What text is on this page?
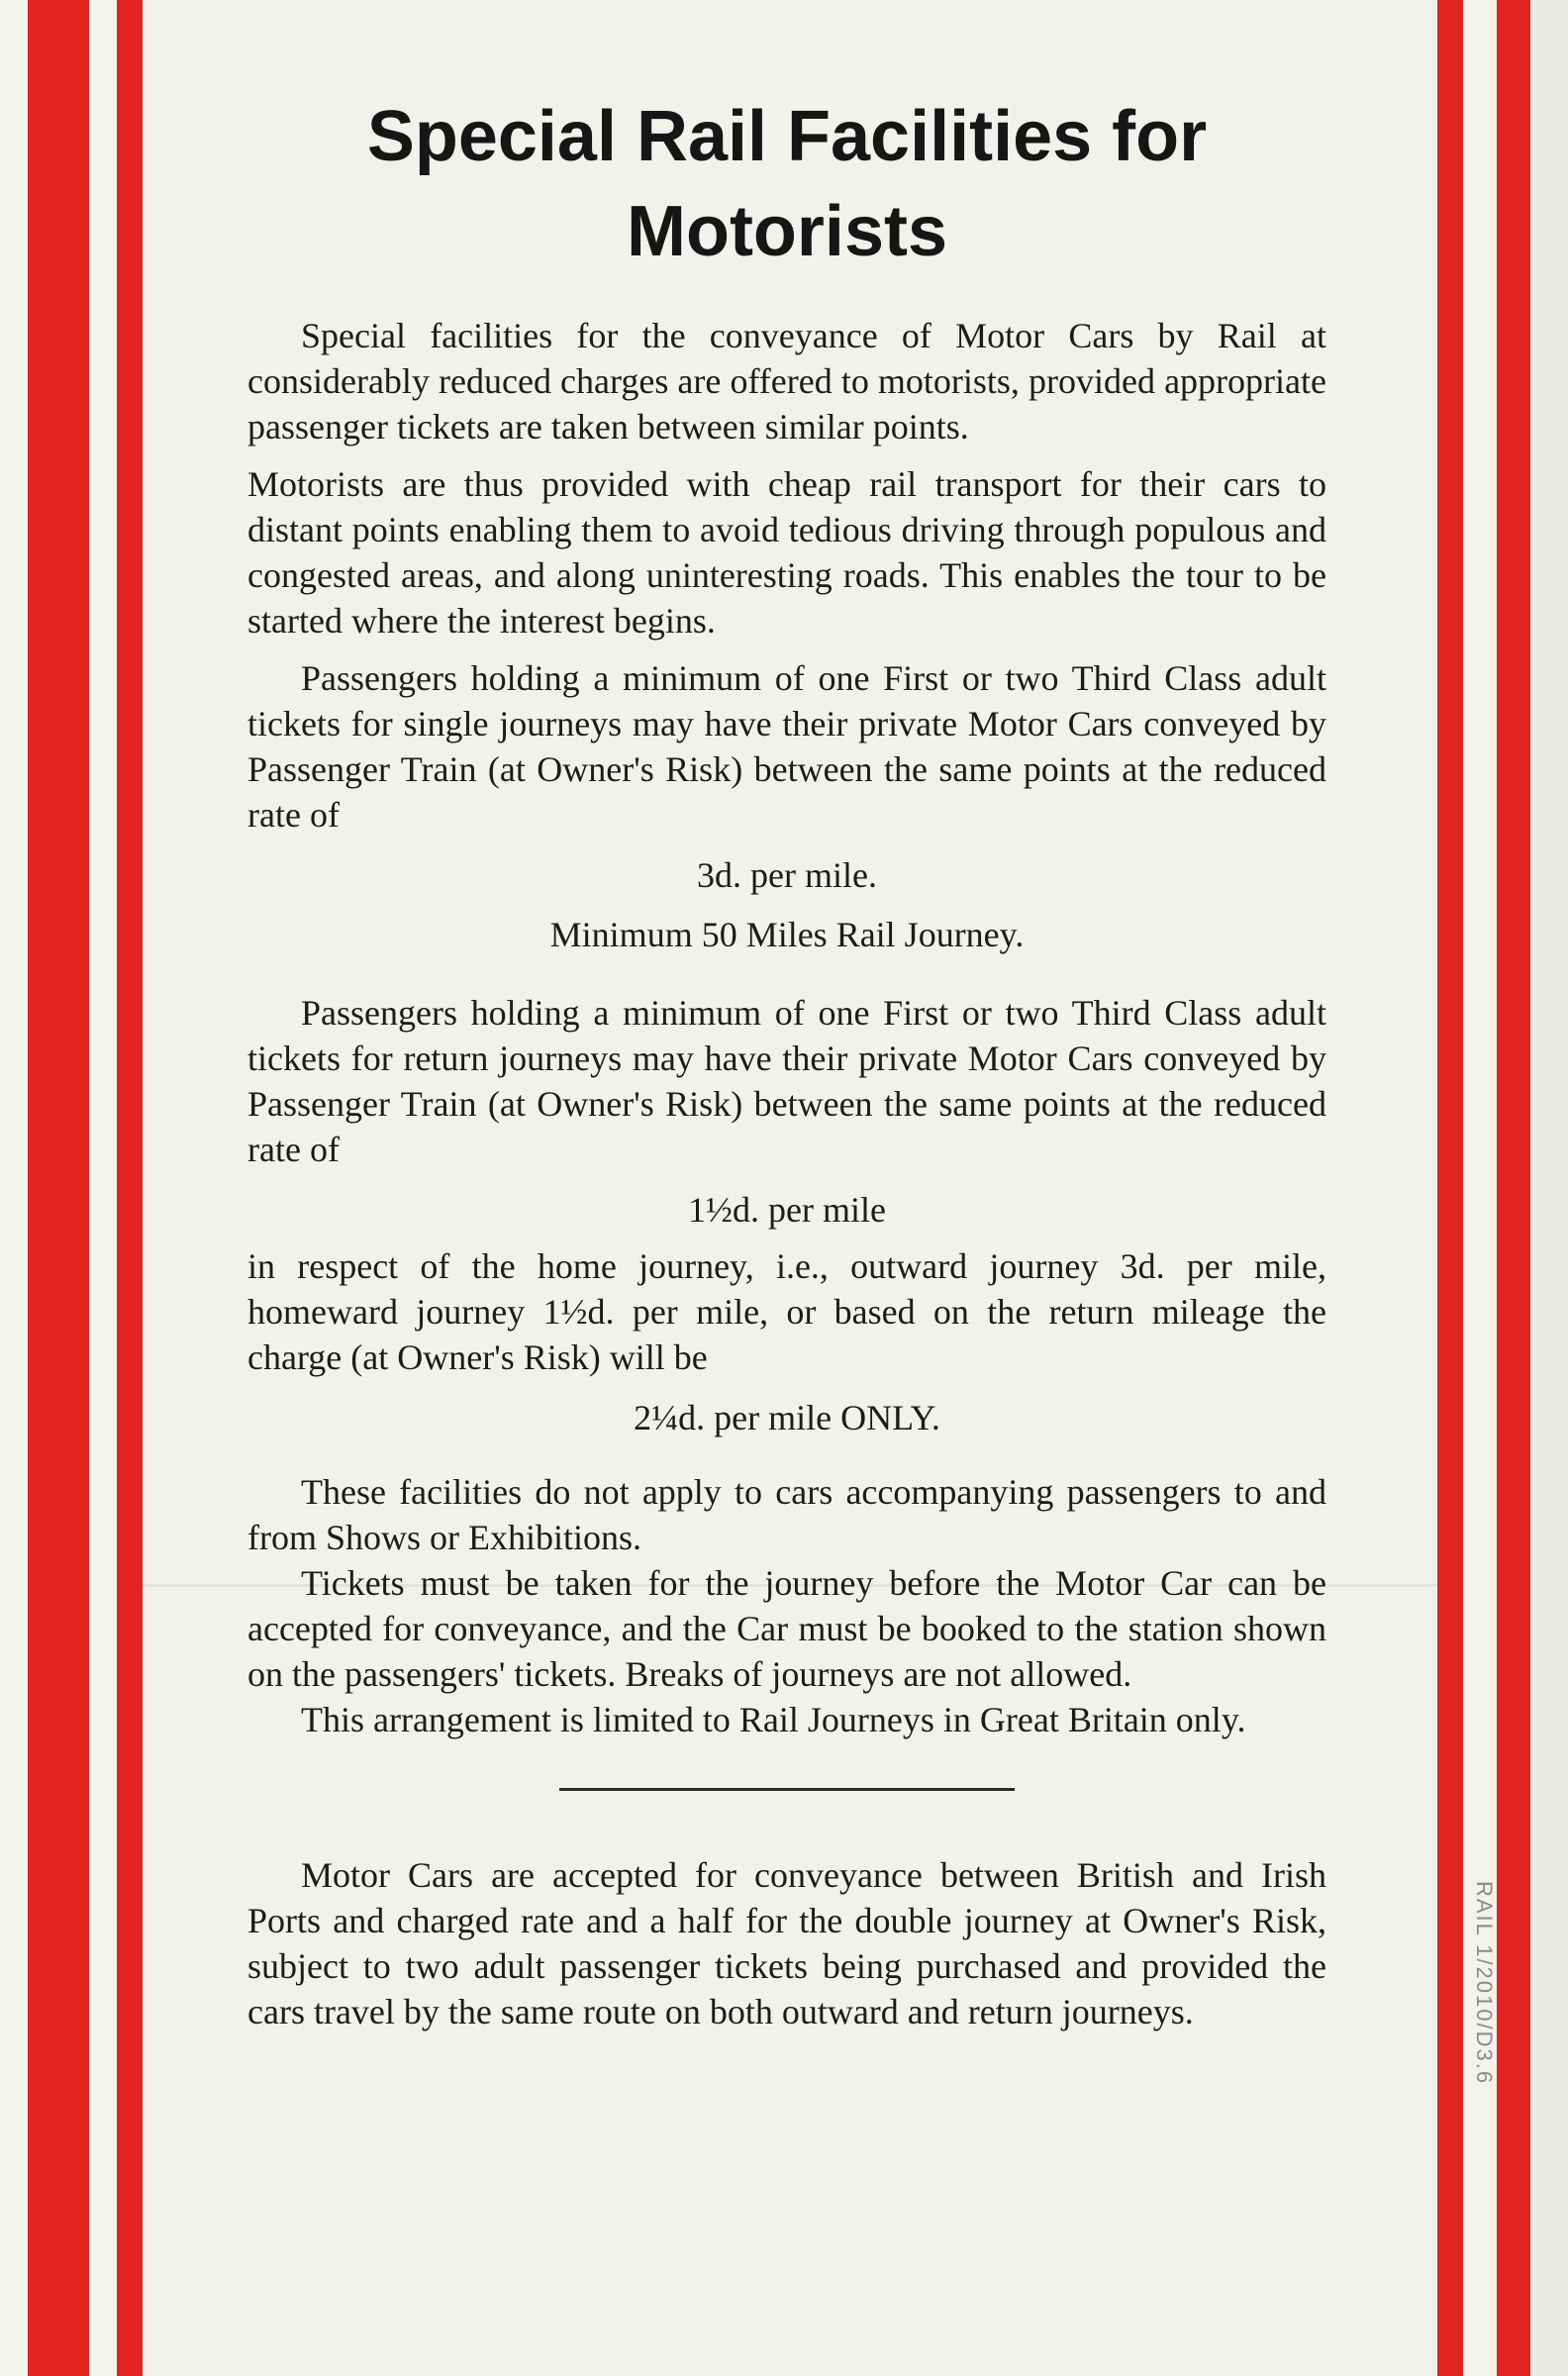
Special Rail Facilities for Motorists

Special facilities for the conveyance of Motor Cars by Rail at considerably reduced charges are offered to motorists, provided appropriate passenger tickets are taken between similar points.

Motorists are thus provided with cheap rail transport for their cars to distant points enabling them to avoid tedious driving through populous and congested areas, and along uninteresting roads. This enables the tour to be started where the interest begins.

Passengers holding a minimum of one First or two Third Class adult tickets for single journeys may have their private Motor Cars conveyed by Passenger Train (at Owner's Risk) between the same points at the reduced rate of

3d. per mile.
Minimum 50 Miles Rail Journey.

Passengers holding a minimum of one First or two Third Class adult tickets for return journeys may have their private Motor Cars conveyed by Passenger Train (at Owner's Risk) between the same points at the reduced rate of

1½d. per mile

in respect of the home journey, i.e., outward journey 3d. per mile, homeward journey 1½d. per mile, or based on the return mileage the charge (at Owner's Risk) will be

2¼d. per mile ONLY.

These facilities do not apply to cars accompanying passengers to and from Shows or Exhibitions.

Tickets must be taken for the journey before the Motor Car can be accepted for conveyance, and the Car must be booked to the station shown on the passengers' tickets. Breaks of journeys are not allowed.

This arrangement is limited to Rail Journeys in Great Britain only.

Motor Cars are accepted for conveyance between British and Irish Ports and charged rate and a half for the double journey at Owner's Risk, subject to two adult passenger tickets being purchased and provided the cars travel by the same route on both outward and return journeys.	RAIL 1/2010/D3.6
